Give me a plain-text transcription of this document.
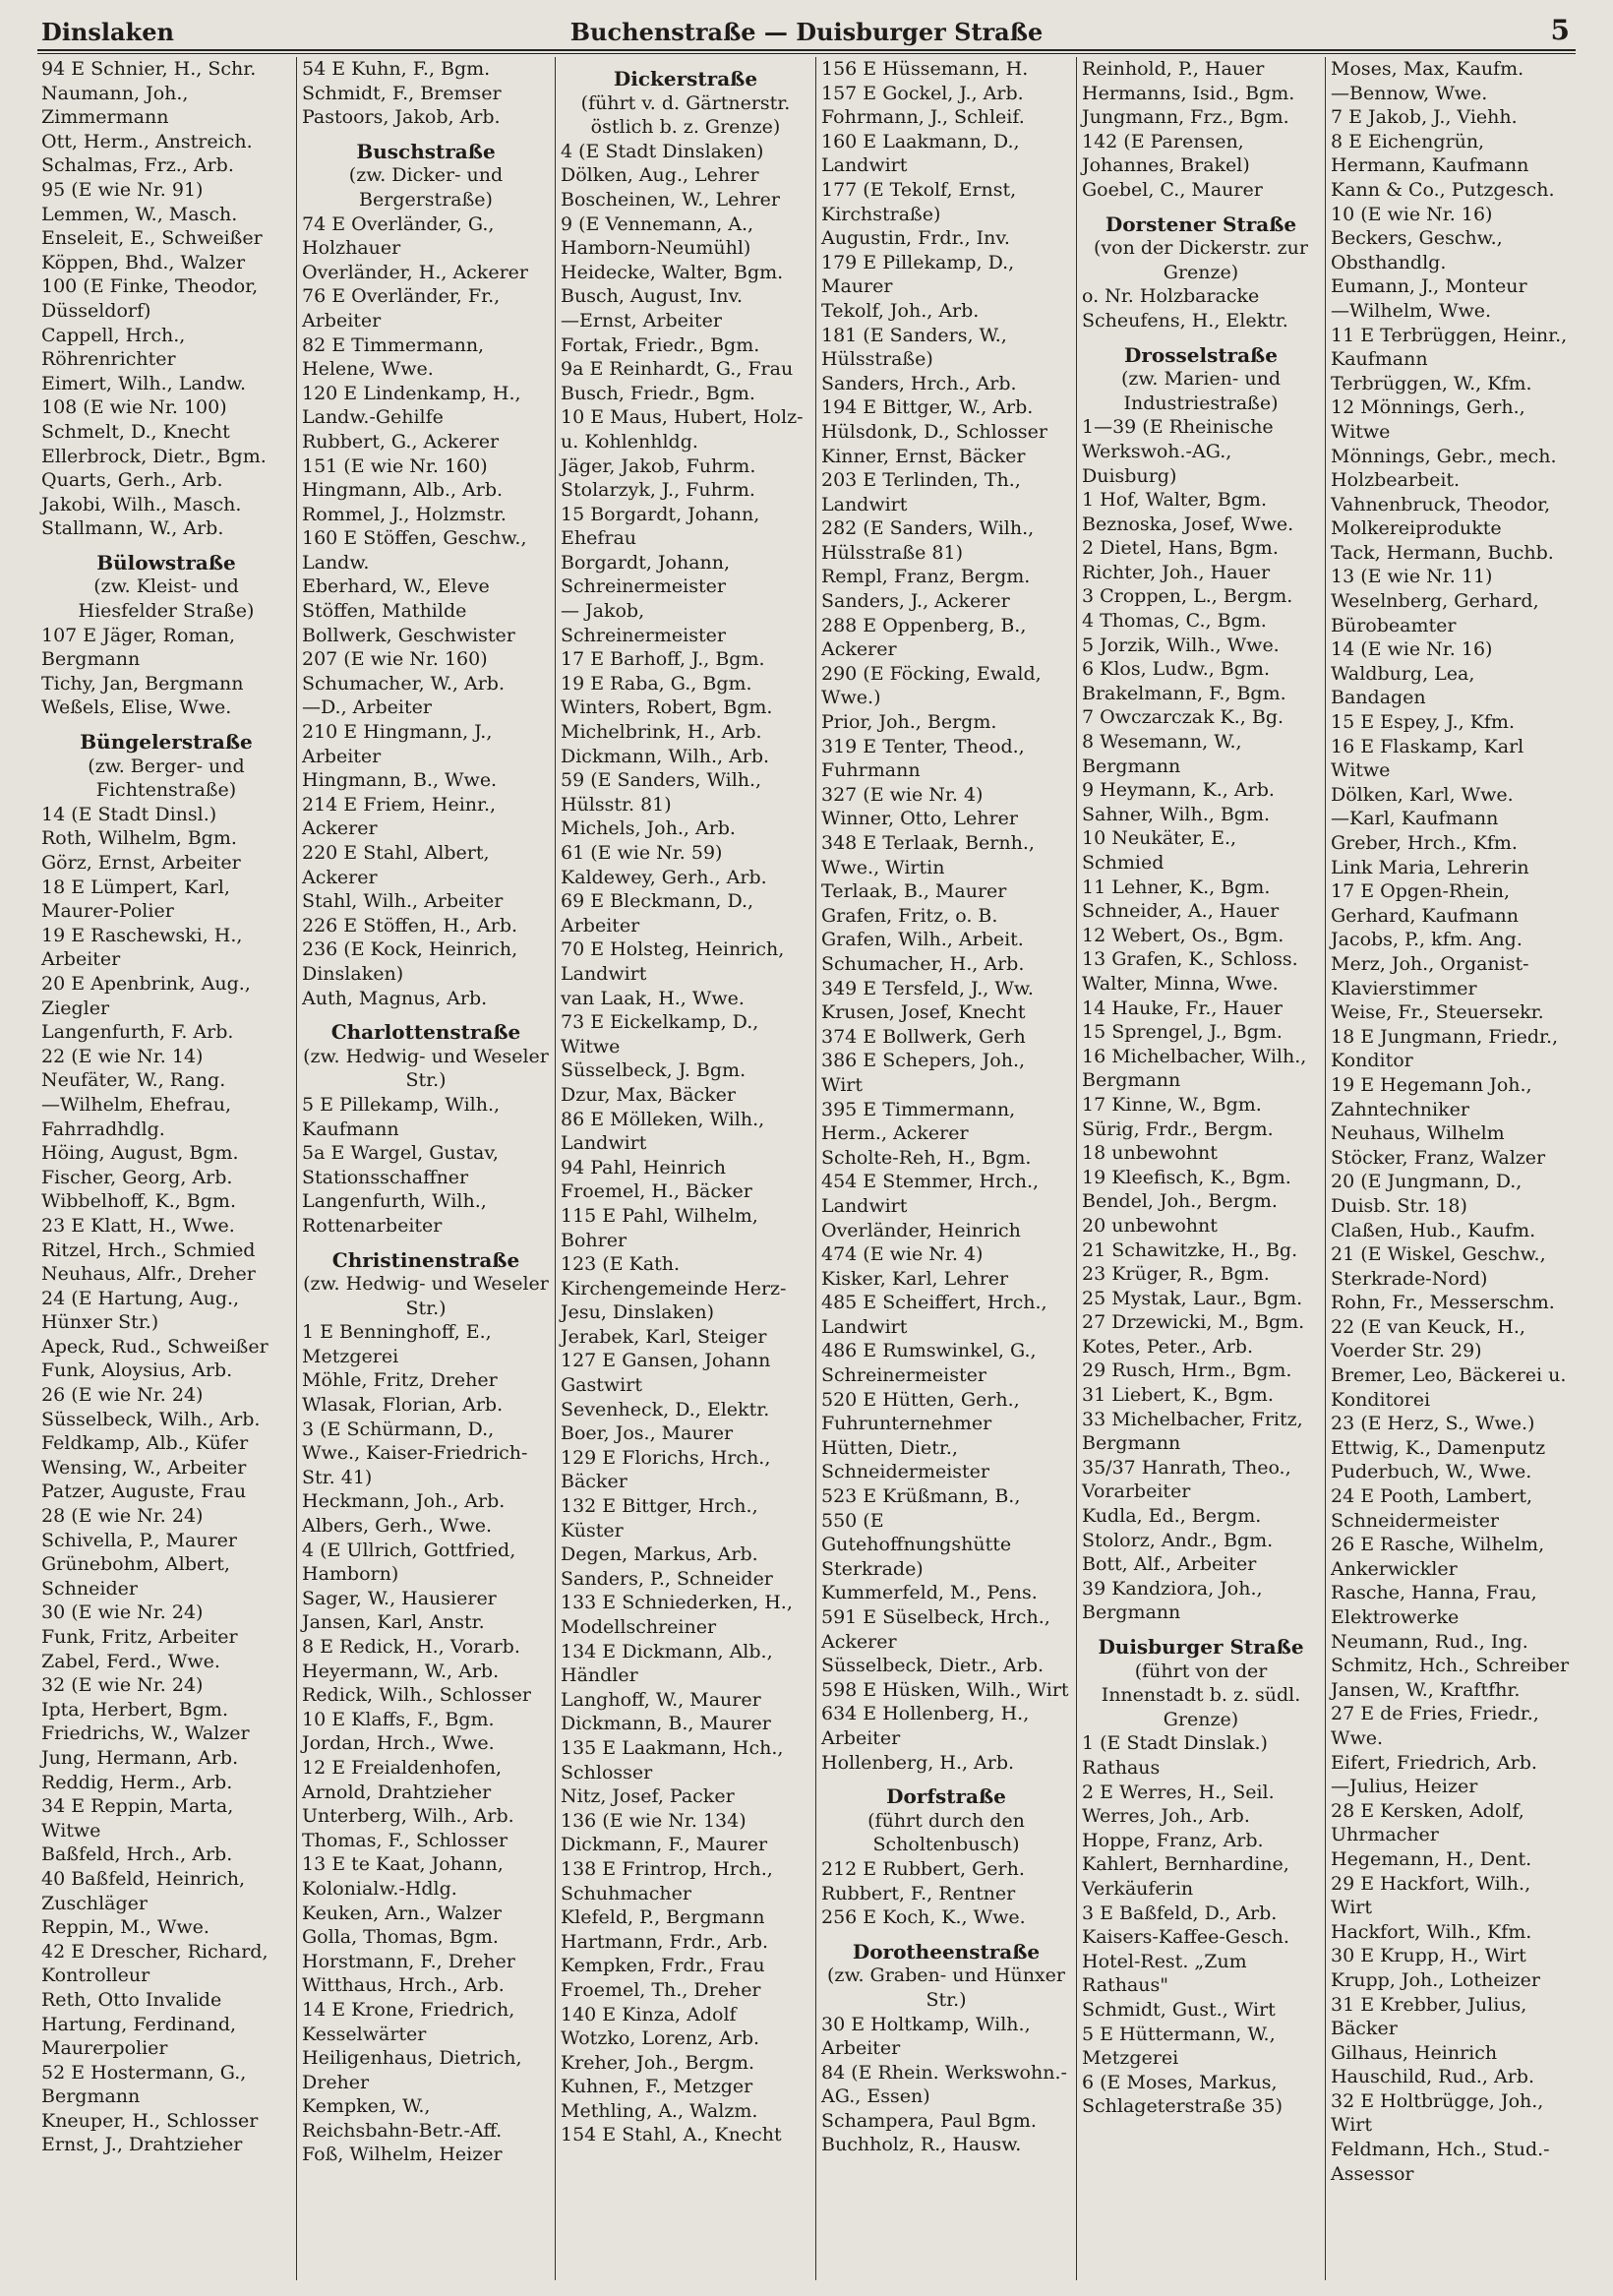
Dinslaken	Buchenstraße — Duisburger Straße	5
94 E Schnier, H., Schr.
Naumann, Joh., Zimmermann
Ott, Herm., Anstreich.
Schalmas, Frz., Arb.
95 (E wie Nr. 91)
Lemmen, W., Masch.
Enseleit, E., Schweißer
Köppen, Bhd., Walzer
100 (E Finke, Theodor, Düsseldorf)
Cappell, Hrch., Röhrenrichter
Eimert, Wilh., Landw.
108 (E wie Nr. 100)
Schmelt, D., Knecht
Ellerbrock, Dietr., Bgm.
Quarts, Gerh., Arb.
Jakobi, Wilh., Masch.
Stallmann, W., Arb.
Bülowstraße
(zw. Kleist- und Hiesfelder Straße)
107 E Jäger, Roman, Bergmann
Tichy, Jan, Bergmann
Weßels, Elise, Wwe.
Büngelerstraße
(zw. Berger- und Fichtenstraße)
14 (E Stadt Dinsl.)
Roth, Wilhelm, Bgm.
Görz, Ernst, Arbeiter
18 E Lümpert, Karl, Maurer-Polier
19 E Raschewski, H., Arbeiter
20 E Apenbrink, Aug., Ziegler
Langenfurth, F. Arb.
22 (E wie Nr. 14)
Neufäter, W., Rang.
—Wilhelm, Ehefrau, Fahrradhdlg.
Höing, August, Bgm.
Fischer, Georg, Arb.
Wibbelhoff, K., Bgm.
23 E Klatt, H., Wwe.
Ritzel, Hrch., Schmied
Neuhaus, Alfr., Dreher
24 (E Hartung, Aug., Hünxer Str.)
Apeck, Rud., Schweißer
Funk, Aloysius, Arb.
26 (E wie Nr. 24)
Süsselbeck, Wilh., Arb.
Feldkamp, Alb., Küfer
Wensing, W., Arbeiter
Patzer, Auguste, Frau
28 (E wie Nr. 24)
Schivella, P., Maurer
Grünebohm, Albert, Schneider
30 (E wie Nr. 24)
Funk, Fritz, Arbeiter
Zabel, Ferd., Wwe.
32 (E wie Nr. 24)
Ipta, Herbert, Bgm.
Friedrichs, W., Walzer
Jung, Hermann, Arb.
Reddig, Herm., Arb.
34 E Reppin, Marta, Witwe
Baßfeld, Hrch., Arb.
40 Baßfeld, Heinrich, Zuschläger
Reppin, M., Wwe.
42 E Drescher, Richard, Kontrolleur
Reth, Otto Invalide
Hartung, Ferdinand, Maurerpolier
52 E Hostermann, G., Bergmann
Kneuper, H., Schlosser
Ernst, J., Drahtzieher
54 E Kuhn, F., Bgm.
Schmidt, F., Bremser
Pastoors, Jakob, Arb.
Buschstraße
(zw. Dicker- und Bergerstraße)
74 E Overländer, G., Holzhauer
Overländer, H., Ackerer
76 E Overländer, Fr., Arbeiter
82 E Timmermann, Helene, Wwe.
120 E Lindenkamp, H., Landw.-Gehilfe
Rubbert, G., Ackerer
151 (E wie Nr. 160)
Hingmann, Alb., Arb.
Rommel, J., Holzmstr.
160 E Stöffen, Geschw., Landw.
Eberhard, W., Eleve
Stöffen, Mathilde
Bollwerk, Geschwister
207 (E wie Nr. 160)
Schumacher, W., Arb.
—D., Arbeiter
210 E Hingmann, J., Arbeiter
Hingmann, B., Wwe.
214 E Friem, Heinr., Ackerer
220 E Stahl, Albert, Ackerer
Stahl, Wilh., Arbeiter
226 E Stöffen, H., Arb.
236 (E Kock, Heinrich, Dinslaken)
Auth, Magnus, Arb.
Charlottenstraße
(zw. Hedwig- und Weseler Str.)
5 E Pillekamp, Wilh., Kaufmann
5a E Wargel, Gustav, Stationsschaffner
Langenfurth, Wilh., Rottenarbeiter
Christinenstraße
(zw. Hedwig- und Weseler Str.)
1 E Benninghoff, E., Metzgerei
Möhle, Fritz, Dreher
Wlasak, Florian, Arb.
3 (E Schürmann, D., Wwe., Kaiser-Friedrich-Str. 41)
Heckmann, Joh., Arb.
Albers, Gerh., Wwe.
4 (E Ullrich, Gottfried, Hamborn)
Sager, W., Hausierer
Jansen, Karl, Anstr.
8 E Redick, H., Vorarb.
Heyermann, W., Arb.
Redick, Wilh., Schlosser
10 E Klaffs, F., Bgm.
Jordan, Hrch., Wwe.
12 E Freialdenhofen, Arnold, Drahtzieher
Unterberg, Wilh., Arb.
Thomas, F., Schlosser
13 E te Kaat, Johann, Kolonialw.-Hdlg.
Keuken, Arn., Walzer
Golla, Thomas, Bgm.
Horstmann, F., Dreher
Witthaus, Hrch., Arb.
14 E Krone, Friedrich, Kesselwärter
Heiligenhaus, Dietrich, Dreher
Kempken, W., Reichsbahn-Betr.-Aff.
Foß, Wilhelm, Heizer
Dickerstraße
(führt v. d. Gärtnerstr. östlich b. z. Grenze)
4 (E Stadt Dinslaken)
Dölken, Aug., Lehrer
Boscheinen, W., Lehrer
9 (E Vennemann, A., Hamborn-Neumühl)
Heidecke, Walter, Bgm.
Busch, August, Inv.
—Ernst, Arbeiter
Fortak, Friedr., Bgm.
9a E Reinhardt, G., Frau
Busch, Friedr., Bgm.
10 E Maus, Hubert, Holz- u. Kohlenhldg.
Jäger, Jakob, Fuhrm.
Stolarzyk, J., Fuhrm.
15 Borgardt, Johann, Ehefrau
Borgardt, Johann, Schreinermeister
— Jakob, Schreinermeister
17 E Barhoff, J., Bgm.
19 E Raba, G., Bgm.
Winters, Robert, Bgm.
Michelbrink, H., Arb.
Dickmann, Wilh., Arb.
59 (E Sanders, Wilh., Hülsstr. 81)
Michels, Joh., Arb.
61 (E wie Nr. 59)
Kaldewey, Gerh., Arb.
69 E Bleckmann, D., Arbeiter
70 E Holsteg, Heinrich, Landwirt
van Laak, H., Wwe.
73 E Eickelkamp, D., Witwe
Süsselbeck, J. Bgm.
Dzur, Max, Bäcker
86 E Mölleken, Wilh., Landwirt
94 Pahl, Heinrich
Froemel, H., Bäcker
115 E Pahl, Wilhelm, Bohrer
123 (E Kath. Kirchengemeinde Herz-Jesu, Dinslaken)
Jerabek, Karl, Steiger
127 E Gansen, Johann Gastwirt
Sevenheck, D., Elektr.
Boer, Jos., Maurer
129 E Florichs, Hrch., Bäcker
132 E Bittger, Hrch., Küster
Degen, Markus, Arb.
Sanders, P., Schneider
133 E Schniederken, H., Modellschreiner
134 E Dickmann, Alb., Händler
Langhoff, W., Maurer
Dickmann, B., Maurer
135 E Laakmann, Hch., Schlosser
Nitz, Josef, Packer
136 (E wie Nr. 134)
Dickmann, F., Maurer
138 E Frintrop, Hrch., Schuhmacher
Klefeld, P., Bergmann
Hartmann, Frdr., Arb.
Kempken, Frdr., Frau
Froemel, Th., Dreher
140 E Kinza, Adolf
Wotzko, Lorenz, Arb.
Kreher, Joh., Bergm.
Kuhnen, F., Metzger
Methling, A., Walzm.
154 E Stahl, A., Knecht
156 E Hüssemann, H.
157 E Gockel, J., Arb.
Fohrmann, J., Schleif.
160 E Laakmann, D., Landwirt
177 (E Tekolf, Ernst, Kirchstraße)
Augustin, Frdr., Inv.
179 E Pillekamp, D., Maurer
Tekolf, Joh., Arb.
181 (E Sanders, W., Hülsstraße)
Sanders, Hrch., Arb.
194 E Bittger, W., Arb.
Hülsdonk, D., Schlosser
Kinner, Ernst, Bäcker
203 E Terlinden, Th., Landwirt
282 (E Sanders, Wilh., Hülsstraße 81)
Rempl, Franz, Bergm.
Sanders, J., Ackerer
288 E Oppenberg, B., Ackerer
290 (E Föcking, Ewald, Wwe.)
Prior, Joh., Bergm.
319 E Tenter, Theod., Fuhrmann
327 (E wie Nr. 4)
Winner, Otto, Lehrer
348 E Terlaak, Bernh., Wwe., Wirtin
Terlaak, B., Maurer
Grafen, Fritz, o. B.
Grafen, Wilh., Arbeit.
Schumacher, H., Arb.
349 E Tersfeld, J., Ww.
Krusen, Josef, Knecht
374 E Bollwerk, Gerh
386 E Schepers, Joh., Wirt
395 E Timmermann, Herm., Ackerer
Scholte-Reh, H., Bgm.
454 E Stemmer, Hrch., Landwirt
Overländer, Heinrich
474 (E wie Nr. 4)
Kisker, Karl, Lehrer
485 E Scheiffert, Hrch., Landwirt
486 E Rumswinkel, G., Schreinermeister
520 E Hütten, Gerh., Fuhrunternehmer
Hütten, Dietr., Schneidermeister
523 E Krüßmann, B.,
550 (E Gutehoffnungshütte Sterkrade)
Kummerfeld, M., Pens.
591 E Süselbeck, Hrch., Ackerer
Süsselbeck, Dietr., Arb.
598 E Hüsken, Wilh., Wirt
634 E Hollenberg, H., Arbeiter
Hollenberg, H., Arb.
Dorfstraße
(führt durch den Scholtenbusch)
212 E Rubbert, Gerh.
Rubbert, F., Rentner
256 E Koch, K., Wwe.
Dorotheenstraße
(zw. Graben- und Hünxer Str.)
30 E Holtkamp, Wilh., Arbeiter
84 (E Rhein. Werkswohn.-AG., Essen)
Schampera, Paul Bgm.
Buchholz, R., Hausw.
Reinhold, P., Hauer
Hermanns, Isid., Bgm.
Jungmann, Frz., Bgm.
142 (E Parensen, Johannes, Brakel)
Goebel, C., Maurer
Dorstener Straße
(von der Dickerstr. zur Grenze)
o. Nr. Holzbaracke
Scheufens, H., Elektr.
Drosselstraße
(zw. Marien- und Industriestraße)
1—39 (E Rheinische Werkswoh.-AG., Duisburg)
1 Hof, Walter, Bgm.
Beznoska, Josef, Wwe.
2 Dietel, Hans, Bgm.
Richter, Joh., Hauer
3 Croppen, L., Bergm.
4 Thomas, C., Bgm.
5 Jorzik, Wilh., Wwe.
6 Klos, Ludw., Bgm.
Brakelmann, F., Bgm.
7 Owczarczak K., Bg.
8 Wesemann, W., Bergmann
9 Heymann, K., Arb.
Sahner, Wilh., Bgm.
10 Neukäter, E., Schmied
11 Lehner, K., Bgm.
Schneider, A., Hauer
12 Webert, Os., Bgm.
13 Grafen, K., Schloss.
Walter, Minna, Wwe.
14 Hauke, Fr., Hauer
15 Sprengel, J., Bgm.
16 Michelbacher, Wilh., Bergmann
17 Kinne, W., Bgm.
Sürig, Frdr., Bergm.
18 unbewohnt
19 Kleefisch, K., Bgm.
Bendel, Joh., Bergm.
20 unbewohnt
21 Schawitzke, H., Bg.
23 Krüger, R., Bgm.
25 Mystak, Laur., Bgm.
27 Drzewicki, M., Bgm.
Kotes, Peter., Arb.
29 Rusch, Hrm., Bgm.
31 Liebert, K., Bgm.
33 Michelbacher, Fritz, Bergmann
35/37 Hanrath, Theo., Vorarbeiter
Kudla, Ed., Bergm.
Stolorz, Andr., Bgm.
Bott, Alf., Arbeiter
39 Kandziora, Joh., Bergmann
Duisburger Straße
(führt von der Innenstadt b. z. südl. Grenze)
1 (E Stadt Dinslak.)
Rathaus
2 E Werres, H., Seil.
Werres, Joh., Arb.
Hoppe, Franz, Arb.
Kahlert, Bernhardine, Verkäuferin
3 E Baßfeld, D., Arb.
Kaisers-Kaffee-Gesch.
Hotel-Rest. „Zum Rathaus"
Schmidt, Gust., Wirt
5 E Hüttermann, W., Metzgerei
6 (E Moses, Markus, Schlageterstraße 35)
Moses, Max, Kaufm.
—Bennow, Wwe.
7 E Jakob, J., Viehh.
8 E Eichengrün, Hermann, Kaufmann
Kann & Co., Putzgesch.
10 (E wie Nr. 16)
Beckers, Geschw., Obsthandlg.
Eumann, J., Monteur
—Wilhelm, Wwe.
11 E Terbrüggen, Heinr., Kaufmann
Terbrüggen, W., Kfm.
12 Mönnings, Gerh., Witwe
Mönnings, Gebr., mech. Holzbearbeit.
Vahnenbruck, Theodor, Molkereiprodukte
Tack, Hermann, Buchb.
13 (E wie Nr. 11)
Weselnberg, Gerhard, Bürobeamter
14 (E wie Nr. 16)
Waldburg, Lea, Bandagen
15 E Espey, J., Kfm.
16 E Flaskamp, Karl Witwe
Dölken, Karl, Wwe.
—Karl, Kaufmann
Greber, Hrch., Kfm.
Link Maria, Lehrerin
17 E Opgen-Rhein, Gerhard, Kaufmann
Jacobs, P., kfm. Ang.
Merz, Joh., Organist-Klavierstimmer
Weise, Fr., Steuersekr.
18 E Jungmann, Friedr., Konditor
19 E Hegemann Joh., Zahntechniker
Neuhaus, Wilhelm
Stöcker, Franz, Walzer
20 (E Jungmann, D., Duisb. Str. 18)
Claßen, Hub., Kaufm.
21 (E Wiskel, Geschw., Sterkrade-Nord)
Rohn, Fr., Messerschm.
22 (E van Keuck, H., Voerder Str. 29)
Bremer, Leo, Bäckerei u. Konditorei
23 (E Herz, S., Wwe.)
Ettwig, K., Damenputz
Puderbuch, W., Wwe.
24 E Pooth, Lambert, Schneidermeister
26 E Rasche, Wilhelm, Ankerwickler
Rasche, Hanna, Frau, Elektrowerke
Neumann, Rud., Ing.
Schmitz, Hch., Schreiber
Jansen, W., Kraftfhr.
27 E de Fries, Friedr., Wwe.
Eifert, Friedrich, Arb.
—Julius, Heizer
28 E Kersken, Adolf, Uhrmacher
Hegemann, H., Dent.
29 E Hackfort, Wilh., Wirt
Hackfort, Wilh., Kfm.
30 E Krupp, H., Wirt
Krupp, Joh., Lotheizer
31 E Krebber, Julius, Bäcker
Gilhaus, Heinrich
Hauschild, Rud., Arb.
32 E Holtbrügge, Joh., Wirt
Feldmann, Hch., Stud.-Assessor
